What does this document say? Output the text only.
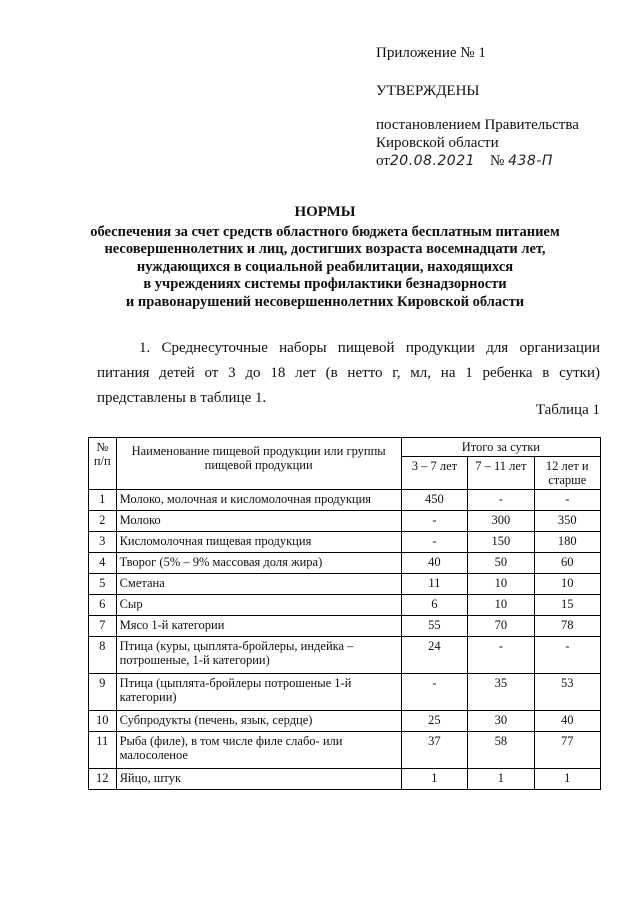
Приложение № 1
УТВЕРЖДЕНЫ
постановлением Правительства
Кировской области
от20.08.2021 № 438-П
НОРМЫ
обеспечения за счет средств областного бюджета бесплатным питанием
несовершеннолетних и лиц, достигших возраста восемнадцати лет,
нуждающихся в социальной реабилитации, находящихся
в учреждениях системы профилактики безнадзорности
и правонарушений несовершеннолетних Кировской области
1. Среднесуточные наборы пищевой продукции для организации питания детей от 3 до 18 лет (в нетто г, мл, на 1 ребенка в сутки) представлены в таблице 1.
Таблица 1
№ п/п	Наименование пищевой продукции или группы пищевой продукции	Итого за сутки		
		3 – 7 лет	7 – 11 лет	12 лет и старше
1	Молоко, молочная и кисломолочная продукция	450	-	-
2	Молоко	-	300	350
3	Кисломолочная пищевая продукция	-	150	180
4	Творог (5% – 9% массовая доля жира)	40	50	60
5	Сметана	11	10	10
6	Сыр	6	10	15
7	Мясо 1-й категории	55	70	78
8	Птица (куры, цыплята-бройлеры, индейка – потрошеные, 1-й категории)	24	-	-
9	Птица (цыплята-бройлеры потрошеные 1-й категории)	-	35	53
10	Субпродукты (печень, язык, сердце)	25	30	40
11	Рыба (филе), в том числе филе слабо- или малосоленое	37	58	77
12	Яйцо, штук	1	1	1
